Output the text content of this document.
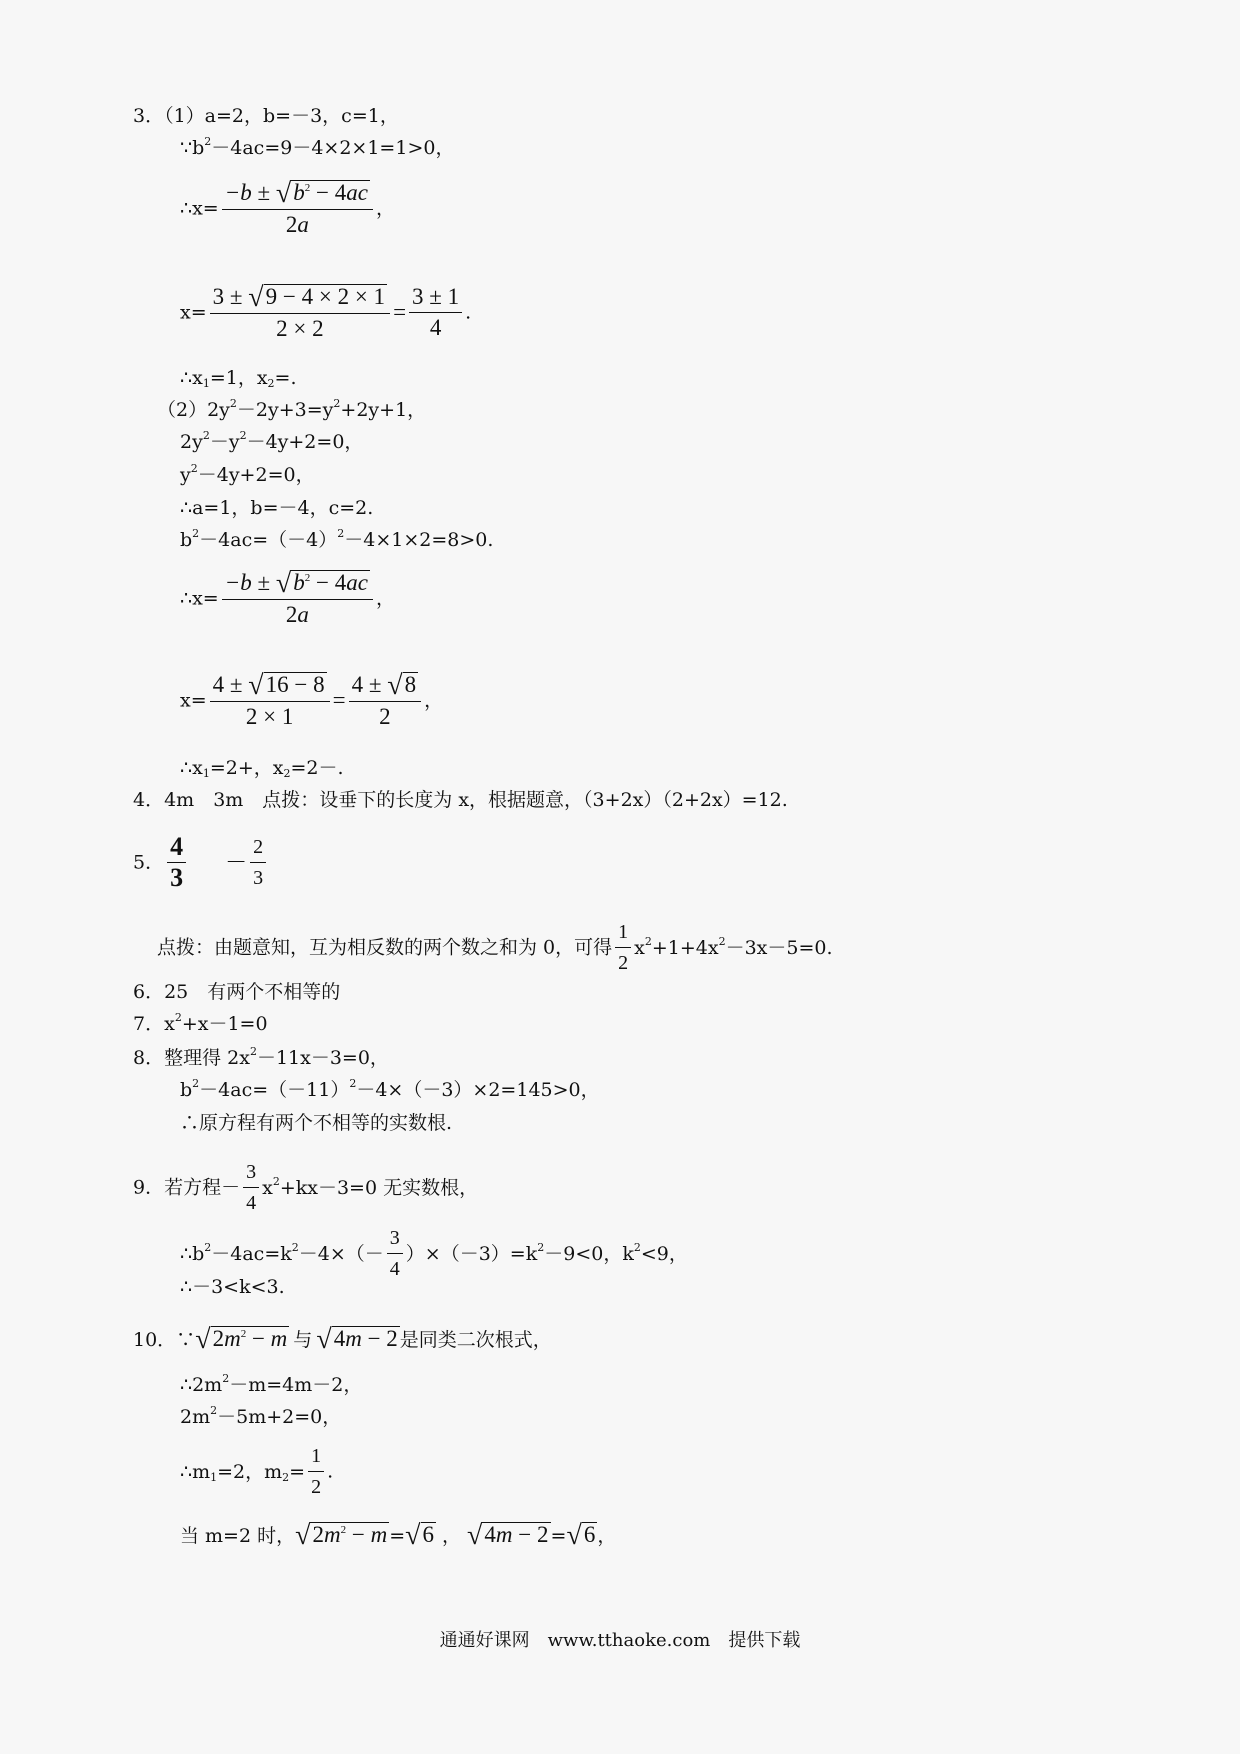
3．（1）a=2，b=－3，c=1，
$\because b^2-4ac=9-4\times 2\times 1=1>0$，
∴x= $\frac{-b \pm √b^2 - 4ac}{2a}$ ，
$x= \frac{3 \pm √9 - 4 \times 2 \times 1}{2 \times 2} = \frac{3 \pm 1}{4}$ .
$\therefore x_1=1$，$x_2=$.
$(2)2y^2-2y+3=y^2+2y+1$，
$2y^2-y^2-4y+2=0$，
$y^2-4y+2=0$，
∴a=1，b=－4，c=2.
$b^2-4ac=(-4)^2-4\times 1\times 2=8>0$.
∴x= $\frac{-b \pm √b^2 - 4ac}{2a}$ ，
$x= \frac{4 \pm √16 - 8}{2 \times 1} = \frac{4 \pm √8}{2}$ ，
$\therefore x_1=2+$，$x_2=2-$.
4．4m　3m　点拨：设垂下的长度为 x，根据题意，（3+2x）（2+2x）=12.
5． $\frac{4}{3} - \frac{2}{3}$
点拨：由题意知，互为相反数的两个数之和为 0，可得 $\frac{1}{2} x^2+1+4x^2-3x-5=0$.
6．25　有两个不相等的
7．$x^2+x-1=0$
8．整理得 $2x^2-11x-3=0$，
$b^2-4ac=(-11)^2-4\times(-3)\times 2=145>0$，
∴原方程有两个不相等的实数根.
9．若方程－ $\frac{3}{4} x^2+kx-3=0$ 无实数根，
$\therefore b^2-4ac=k^2-4\times(- \frac{3}{4} )\times(-3)=k^2-9<0$，$k^2<9$，
∴－3<k<3.
10．$\because√2m^2 - m$ 与 √4m − 2 是同类二次根式，
$\therefore 2m^2-m=4m-2$，
$2m^2-5m+2=0$，
$\therefore m_1=2$，$m_2= \frac{1}{2}$ .
当 m=2 时，$√2m^2 - m =√6$ ， √4m − 2 =√6 ，
通通好课网　www.tthaoke.com　提供下载
